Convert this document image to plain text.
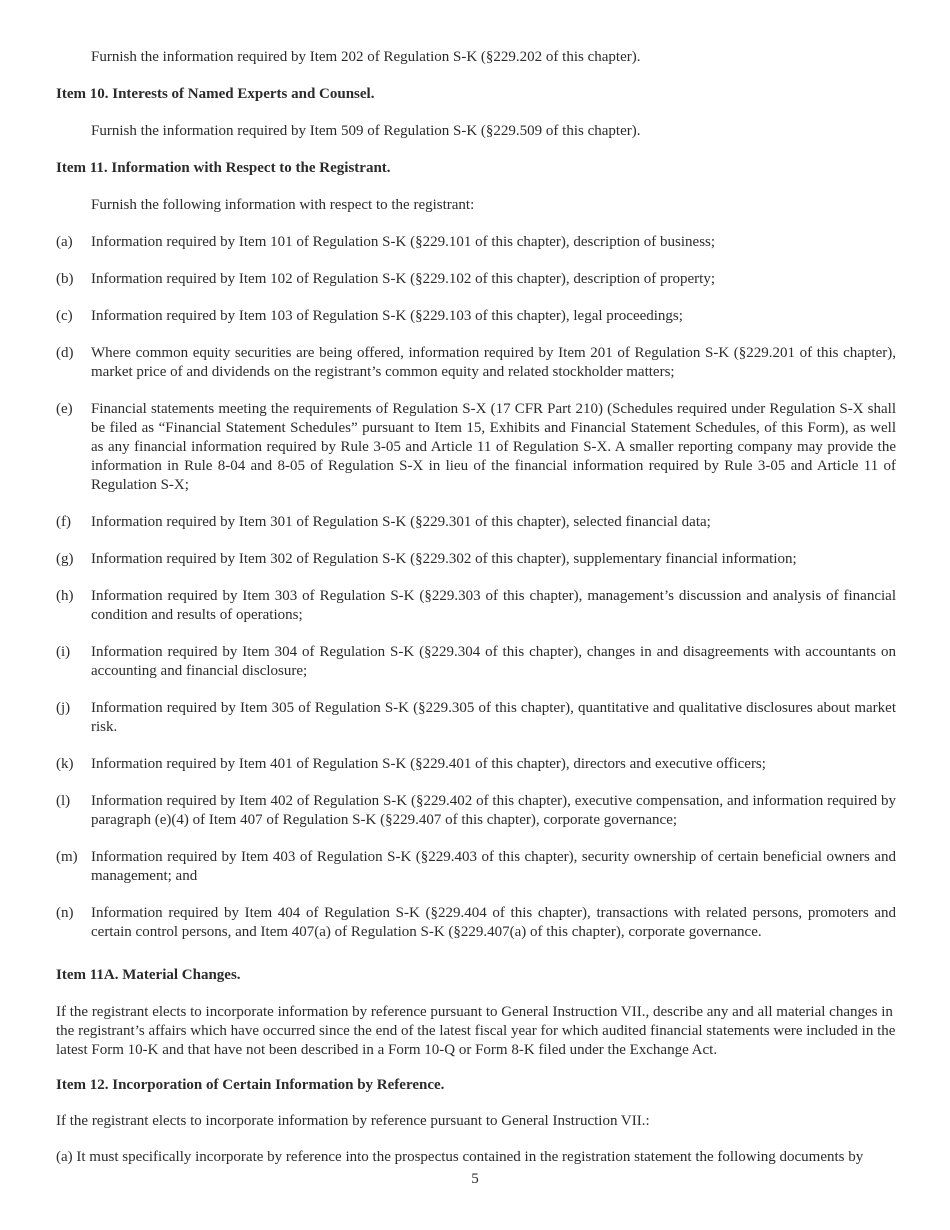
Furnish the information required by Item 202 of Regulation S-K (§229.202 of this chapter).

Item 10. Interests of Named Experts and Counsel.

Furnish the information required by Item 509 of Regulation S-K (§229.509 of this chapter).

Item 11. Information with Respect to the Registrant.

Furnish the following information with respect to the registrant:

(a) Information required by Item 101 of Regulation S-K (§229.101 of this chapter), description of business;
(b) Information required by Item 102 of Regulation S-K (§229.102 of this chapter), description of property;
(c) Information required by Item 103 of Regulation S-K (§229.103 of this chapter), legal proceedings;
(d) Where common equity securities are being offered, information required by Item 201 of Regulation S-K (§229.201 of this chapter), market price of and dividends on the registrant’s common equity and related stockholder matters;
(e) Financial statements meeting the requirements of Regulation S-X (17 CFR Part 210) (Schedules required under Regulation S-X shall be filed as “Financial Statement Schedules” pursuant to Item 15, Exhibits and Financial Statement Schedules, of this Form), as well as any financial information required by Rule 3-05 and Article 11 of Regulation S-X. A smaller reporting company may provide the information in Rule 8-04 and 8-05 of Regulation S-X in lieu of the financial information required by Rule 3-05 and Article 11 of Regulation S-X;
(f) Information required by Item 301 of Regulation S-K (§229.301 of this chapter), selected financial data;
(g) Information required by Item 302 of Regulation S-K (§229.302 of this chapter), supplementary financial information;
(h) Information required by Item 303 of Regulation S-K (§229.303 of this chapter), management’s discussion and analysis of financial condition and results of operations;
(i) Information required by Item 304 of Regulation S-K (§229.304 of this chapter), changes in and disagreements with accountants on accounting and financial disclosure;
(j) Information required by Item 305 of Regulation S-K (§229.305 of this chapter), quantitative and qualitative disclosures about market risk.
(k) Information required by Item 401 of Regulation S-K (§229.401 of this chapter), directors and executive officers;
(l) Information required by Item 402 of Regulation S-K (§229.402 of this chapter), executive compensation, and information required by paragraph (e)(4) of Item 407 of Regulation S-K (§229.407 of this chapter), corporate governance;
(m) Information required by Item 403 of Regulation S-K (§229.403 of this chapter), security ownership of certain beneficial owners and management; and
(n) Information required by Item 404 of Regulation S-K (§229.404 of this chapter), transactions with related persons, promoters and certain control persons, and Item 407(a) of Regulation S-K (§229.407(a) of this chapter), corporate governance.

Item 11A. Material Changes.

If the registrant elects to incorporate information by reference pursuant to General Instruction VII., describe any and all material changes in the registrant’s affairs which have occurred since the end of the latest fiscal year for which audited financial statements were included in the latest Form 10-K and that have not been described in a Form 10-Q or Form 8-K filed under the Exchange Act.

Item 12. Incorporation of Certain Information by Reference.

If the registrant elects to incorporate information by reference pursuant to General Instruction VII.:

(a) It must specifically incorporate by reference into the prospectus contained in the registration statement the following documents by

5
